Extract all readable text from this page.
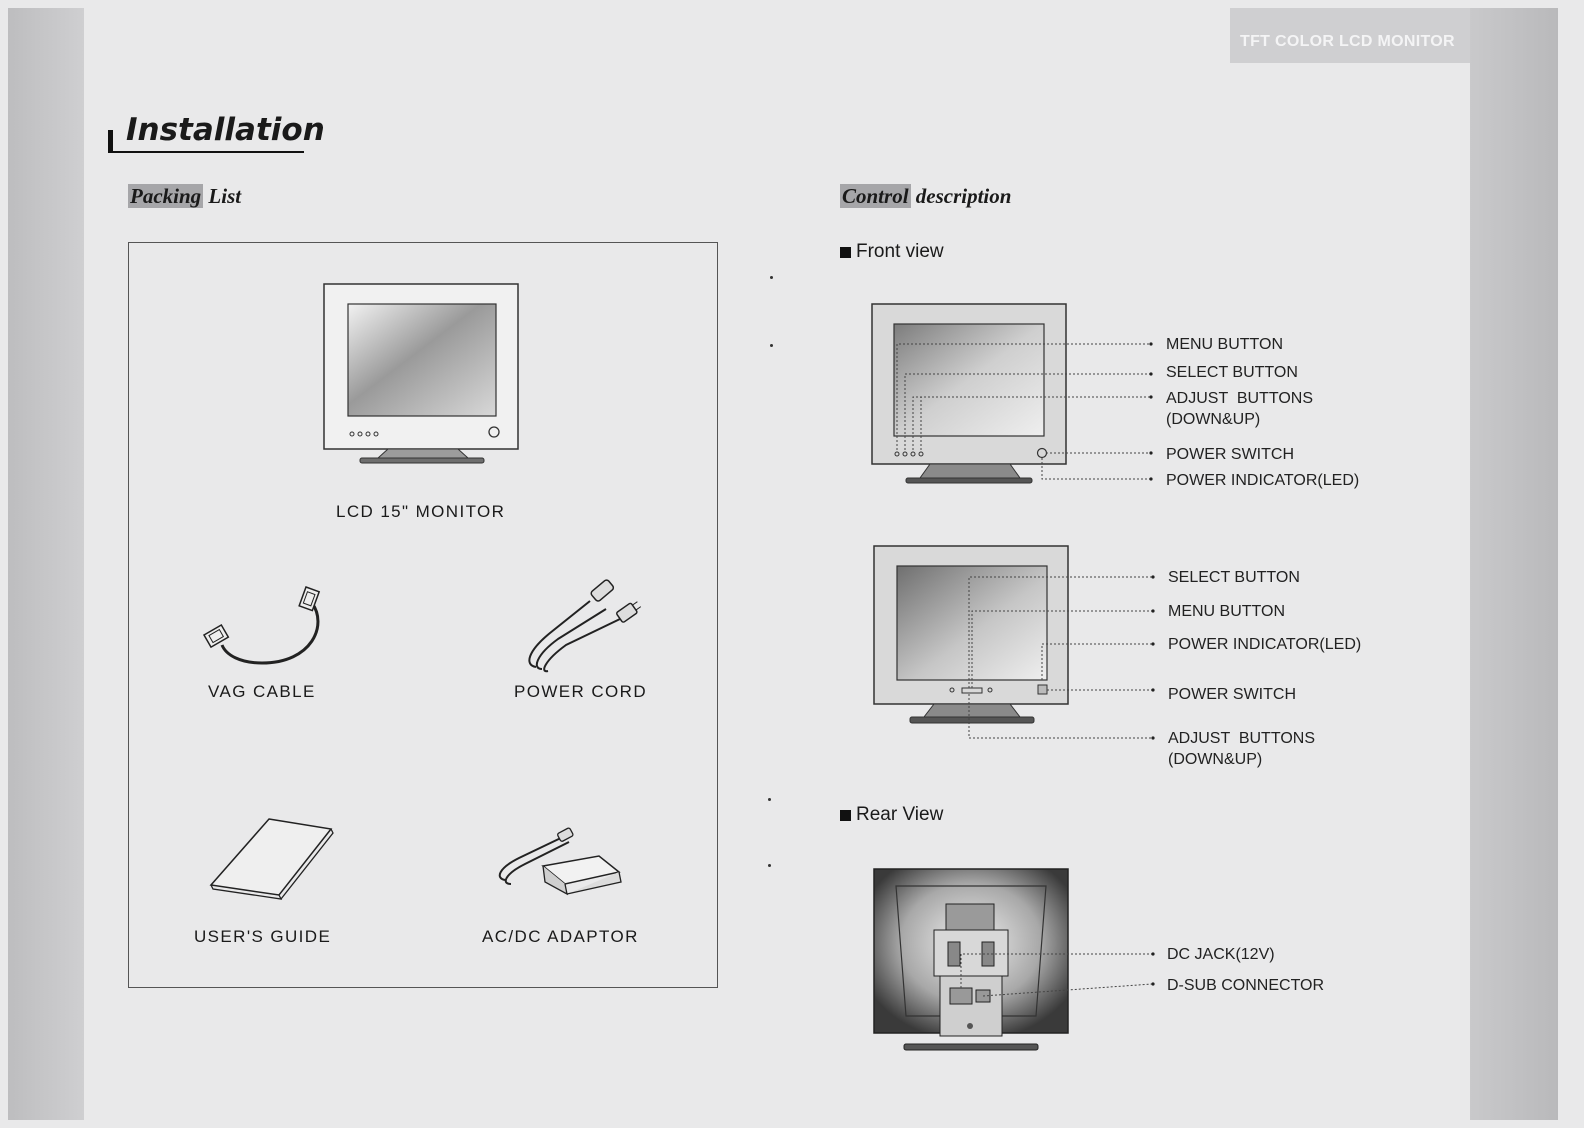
TFT COLOR LCD MONITOR
Installation
Packing List
LCD 15" MONITOR
VAG CABLE	POWER CORD
USER'S GUIDE	AC/DC ADAPTOR
Control description
Front view
MENU BUTTON
SELECT BUTTON
ADJUST  BUTTONS
(DOWN&UP)
POWER SWITCH
POWER INDICATOR(LED)
SELECT BUTTON
MENU BUTTON
POWER INDICATOR(LED)
POWER SWITCH
ADJUST  BUTTONS
(DOWN&UP)
Rear View
DC JACK(12V)
D-SUB CONNECTOR
